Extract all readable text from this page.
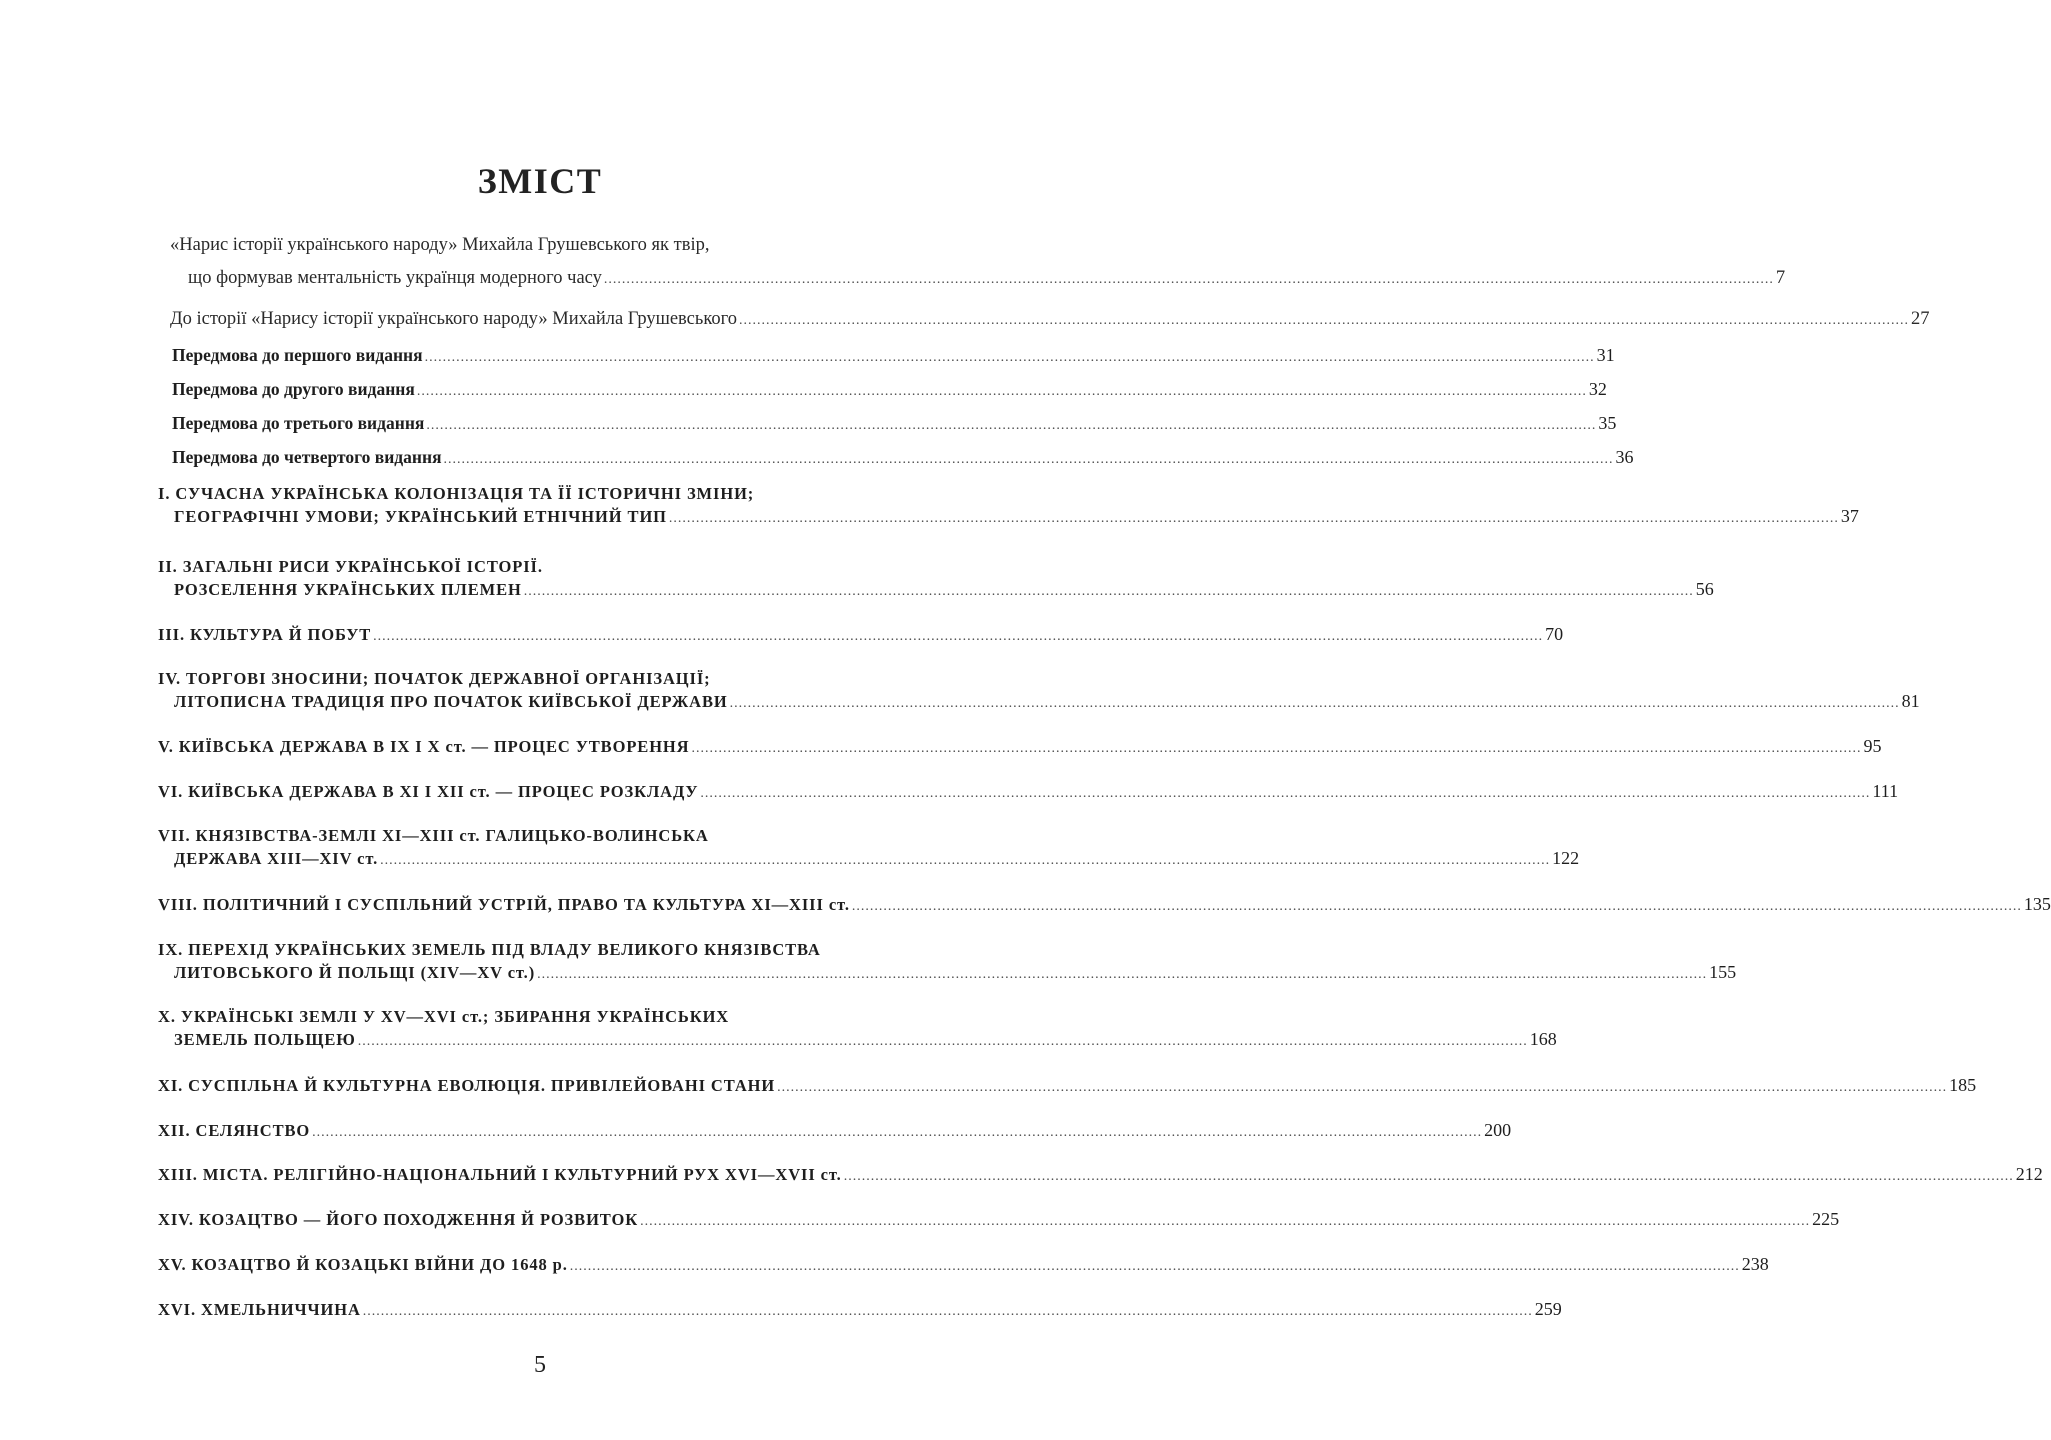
ЗМІСТ
«Нарис історії українського народу» Михайла Грушевського як твір,
що формував ментальність українця модерного часу .....	7
До історії «Нарису історії українського народу» Михайла Грушевського .....	27
Передмова до першого видання .....	31
Передмова до другого видання .....	32
Передмова до третього видання .....	35
Передмова до четвертого видання .....	36
I. СУЧАСНА УКРАЇНСЬКА КОЛОНІЗАЦІЯ ТА ЇЇ ІСТОРИЧНІ ЗМІНИ;
ГЕОГРАФІЧНІ УМОВИ; УКРАЇНСЬКИЙ ЕТНІЧНИЙ ТИП .....	37
II. ЗАГАЛЬНІ РИСИ УКРАЇНСЬКОЇ ІСТОРІЇ.
РОЗСЕЛЕННЯ УКРАЇНСЬКИХ ПЛЕМЕН .....	56
III. КУЛЬТУРА Й ПОБУТ .....	70
IV. ТОРГОВІ ЗНОСИНИ; ПОЧАТОК ДЕРЖАВНОЇ ОРГАНІЗАЦІЇ;
ЛІТОПИСНА ТРАДИЦІЯ ПРО ПОЧАТОК КИЇВСЬКОЇ ДЕРЖАВИ .....	81
V. КИЇВСЬКА ДЕРЖАВА В IX І X ст. — ПРОЦЕС УТВОРЕННЯ .....	95
VI. КИЇВСЬКА ДЕРЖАВА В XI І XII ст. — ПРОЦЕС РОЗКЛАДУ .....	111
VII. КНЯЗІВСТВА-ЗЕМЛІ XI—XIII ст. ГАЛИЦЬКО-ВОЛИНСЬКА
ДЕРЖАВА XIII—XIV ст. .....	122
VIII. ПОЛІТИЧНИЙ І СУСПІЛЬНИЙ УСТРІЙ, ПРАВО ТА КУЛЬТУРА XI—XIII ст. .....	135
IX. ПЕРЕХІД УКРАЇНСЬКИХ ЗЕМЕЛЬ ПІД ВЛАДУ ВЕЛИКОГО КНЯЗІВСТВА
ЛИТОВСЬКОГО Й ПОЛЬЩІ (XIV—XV ст.) .....	155
X. УКРАЇНСЬКІ ЗЕМЛІ У XV—XVI ст.; ЗБИРАННЯ УКРАЇНСЬКИХ
ЗЕМЕЛЬ ПОЛЬЩЕЮ .....	168
XI. СУСПІЛЬНА Й КУЛЬТУРНА ЕВОЛЮЦІЯ. ПРИВІЛЕЙОВАНІ СТАНИ .....	185
XII. СЕЛЯНСТВО .....	200
XIII. МІСТА. РЕЛІГІЙНО-НАЦІОНАЛЬНИЙ І КУЛЬТУРНИЙ РУХ XVI—XVII ст. .....	212
XIV. КОЗАЦТВО — ЙОГО ПОХОДЖЕННЯ Й РОЗВИТОК .....	225
XV. КОЗАЦТВО Й КОЗАЦЬКІ ВІЙНИ ДО 1648 р. .....	238
XVI. ХМЕЛЬНИЧЧИНА .....	259
5
